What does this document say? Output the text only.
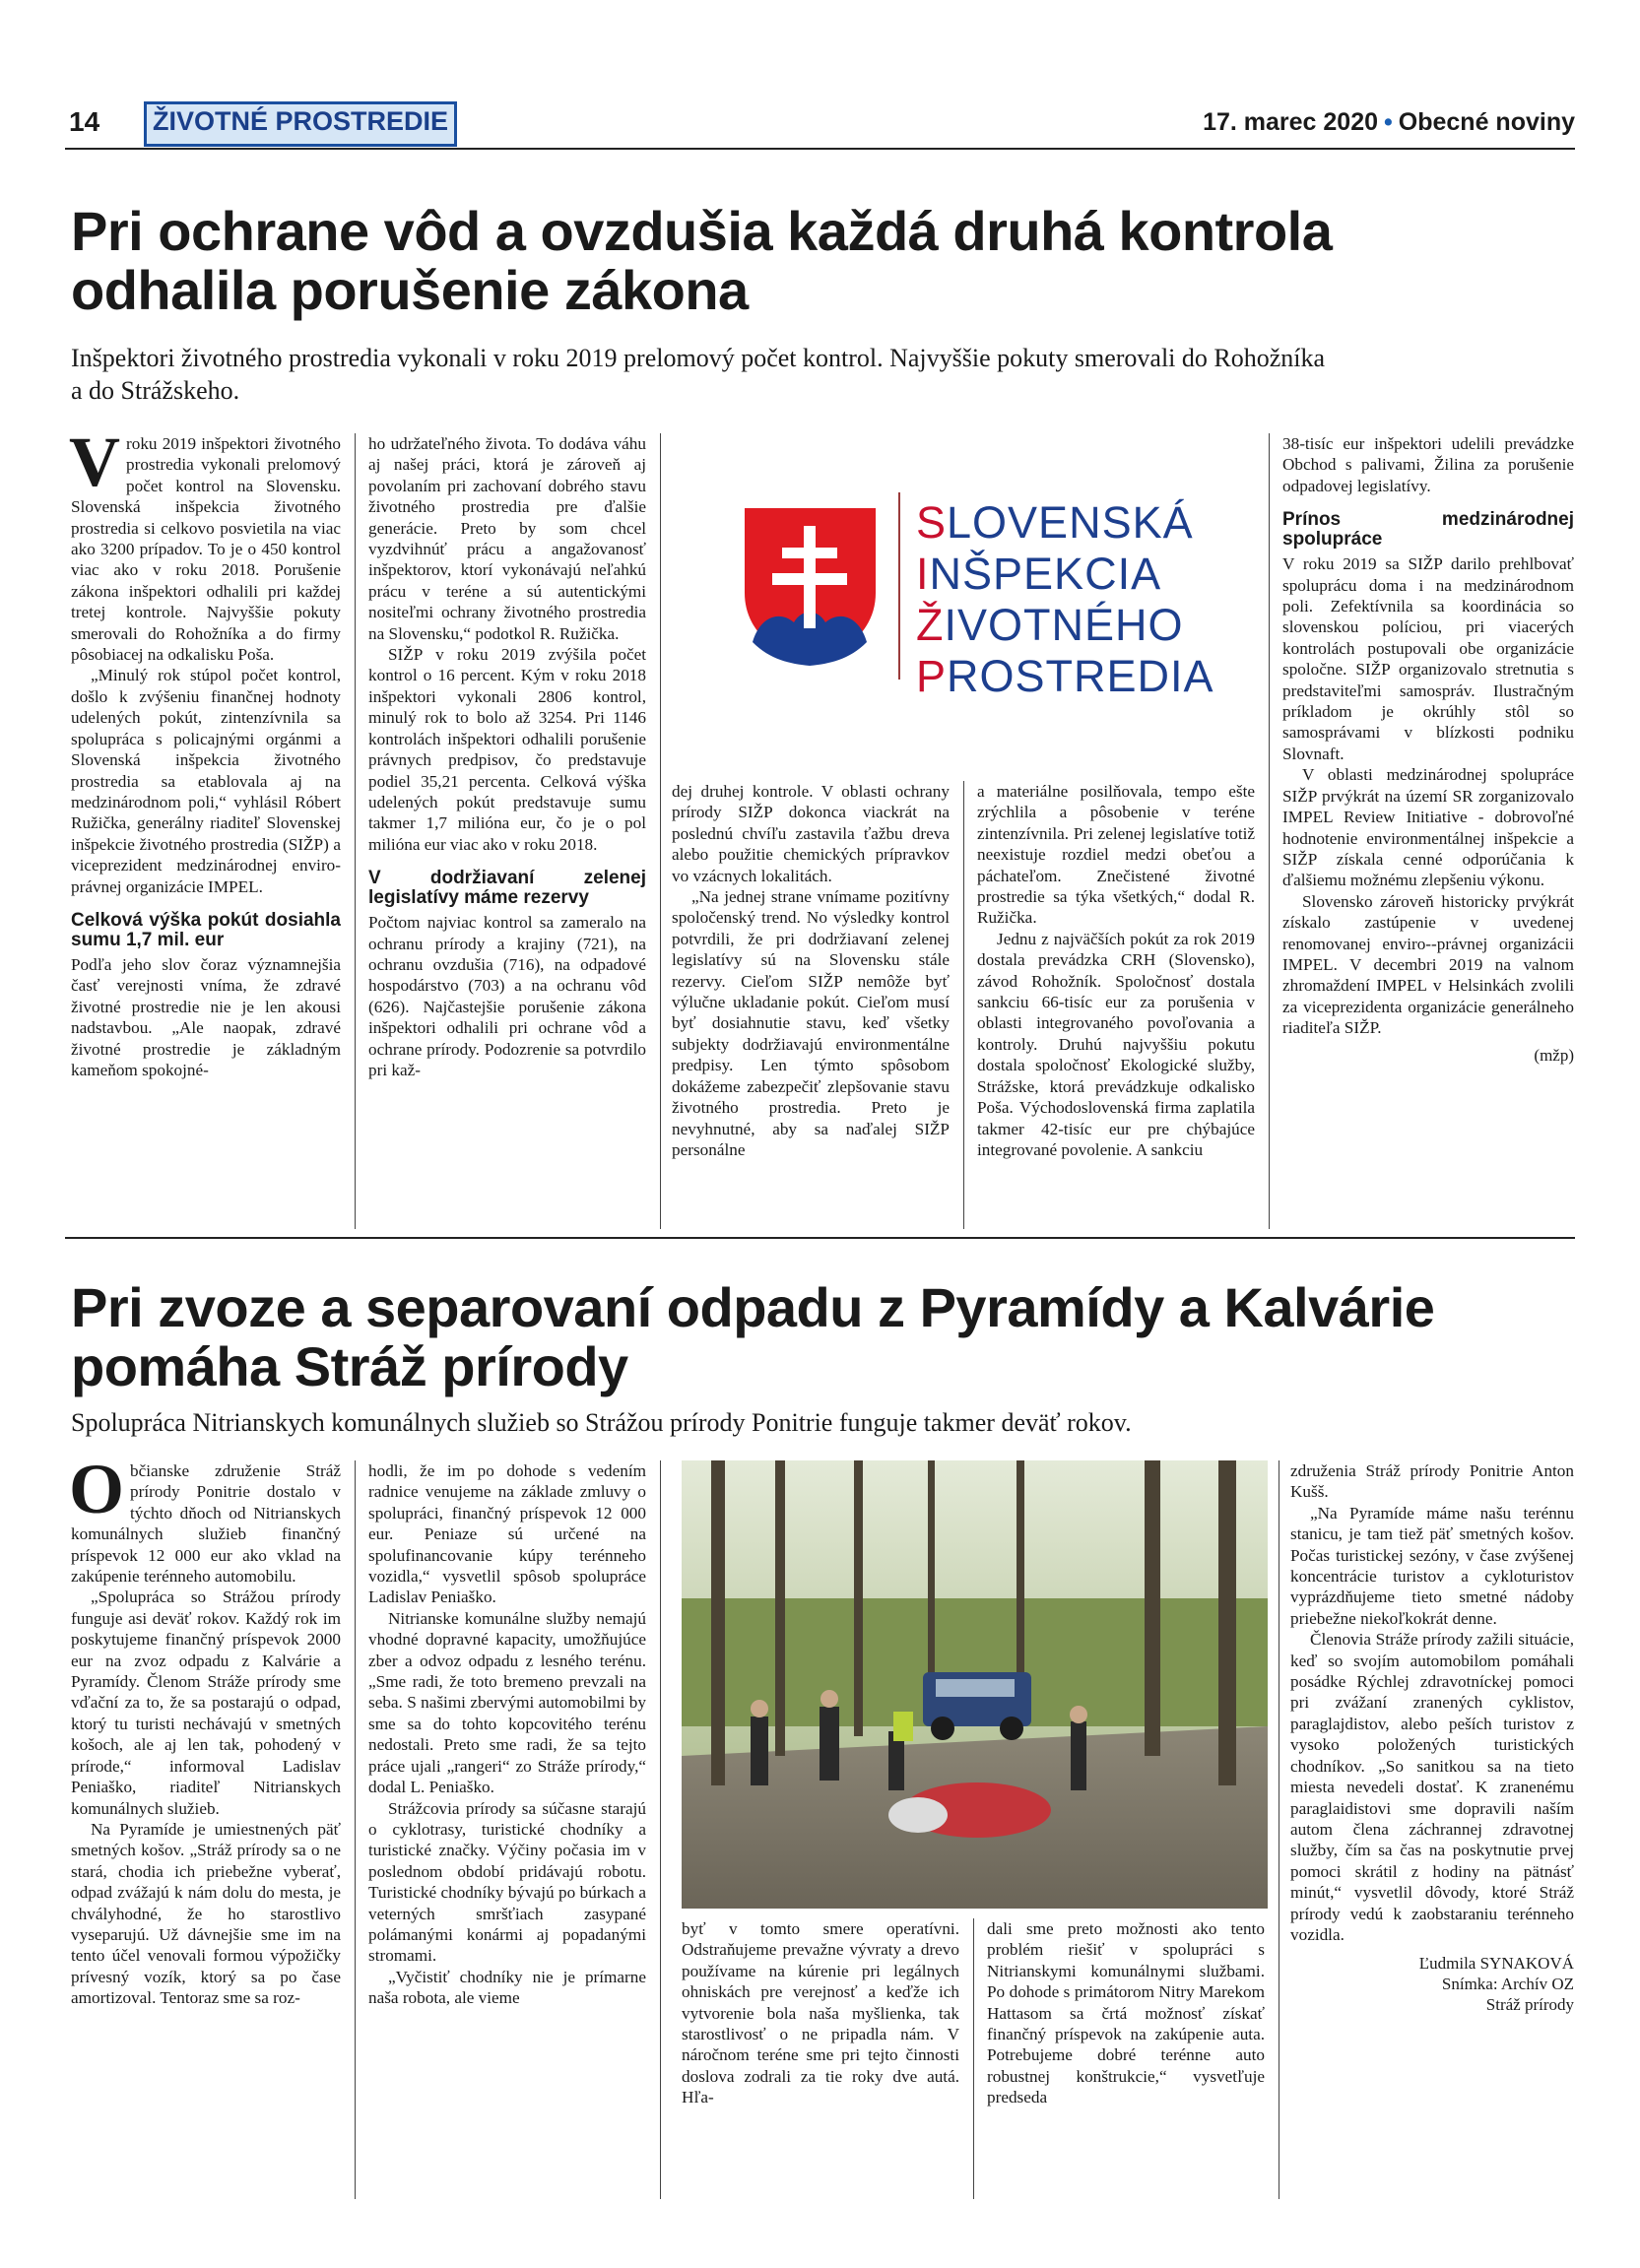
14	ŽIVOTNÉ PROSTREDIE	17. marec 2020 • Obecné noviny
Pri ochrane vôd a ovzdušia každá druhá kontrola
odhalila porušenie zákona
Inšpektori životného prostredia vykonali v roku 2019 prelomový počet kontrol. Najvyššie pokuty smerovali do Rohožníka
a do Strážskeho.

Vroku 2019 inšpektori životného prostredia vykonali prelomový počet kontrol na Slovensku. Slovenská inšpekcia životného prostredia si celkovo posvietila na viac ako 3200 prípadov. To je o 450 kontrol viac ako v roku 2018. Porušenie zákona inšpektori odhalili pri každej tretej kontrole. Najvyššie pokuty smerovali do Rohožníka a do firmy pôsobiacej na odkalisku Poša.

„Minulý rok stúpol počet kontrol, došlo k zvýšeniu finančnej hodnoty udelených pokút, zintenzívnila sa spolupráca s policajnými orgánmi a Slovenská inšpekcia životného prostredia sa etablovala aj na medzinárodnom poli,“ vyhlásil Róbert Ružička, generálny riaditeľ Slovenskej inšpekcie životného prostredia (SIŽP) a viceprezident medzinárodnej enviro-právnej organizácie IMPEL.

Celková výška pokút dosiahla sumu 1,7 mil. eur

Podľa jeho slov čoraz významnejšia časť verejnosti vníma, že zdravé životné prostredie nie je len akousi nadstavbou. „Ale naopak, zdravé životné prostredie je základným kameňom spokojné-

ho udržateľného života. To dodáva váhu aj našej práci, ktorá je zároveň aj povolaním pri zachovaní dobrého stavu životného prostredia pre ďalšie generácie. Preto by som chcel vyzdvihnúť prácu a angažovanosť inšpektorov, ktorí vykonávajú neľahkú prácu v teréne a sú autentickými nositeľmi ochrany životného prostredia na Slovensku,“ podotkol R. Ružička.

SIŽP v roku 2019 zvýšila počet kontrol o 16 percent. Kým v roku 2018 inšpektori vykonali 2806 kontrol, minulý rok to bolo až 3254. Pri 1146 kontrolách inšpektori odhalili porušenie právnych predpisov, čo predstavuje podiel 35,21 percenta. Celková výška udelených pokút predstavuje sumu takmer 1,7 milióna eur, čo je o pol milióna eur viac ako v roku 2018.

V dodržiavaní zelenej legislatívy máme rezervy

Počtom najviac kontrol sa zameralo na ochranu prírody a krajiny (721), na ochranu ovzdušia (716), na odpadové hospodárstvo (703) a na ochranu vôd (626). Najčastejšie porušenie zákona inšpektori odhalili pri ochrane vôd a ochrane prírody. Podozrenie sa potvrdilo pri kaž-

SLOVENSKÁ
INŠPEKCIA
ŽIVOTNÉHO
PROSTREDIA

dej druhej kontrole. V oblasti ochrany prírody SIŽP dokonca viackrát na poslednú chvíľu zastavila ťažbu dreva alebo použitie chemických prípravkov vo vzácnych lokalitách.

„Na jednej strane vnímame pozitívny spoločenský trend. No výsledky kontrol potvrdili, že pri dodržiavaní zelenej legislatívy sú na Slovensku stále rezervy. Cieľom SIŽP nemôže byť výlučne ukladanie pokút. Cieľom musí byť dosiahnutie stavu, keď všetky subjekty dodržiavajú environmentálne predpisy. Len týmto spôsobom dokážeme zabezpečiť zlepšovanie stavu životného prostredia. Preto je nevyhnutné, aby sa naďalej SIŽP personálne

a materiálne posilňovala, tempo ešte zrýchlila a pôsobenie v teréne zintenzívnila. Pri zelenej legislatíve totiž neexistuje rozdiel medzi obeťou a páchateľom. Znečistené životné prostredie sa týka všetkých,“ dodal R. Ružička.

Jednu z najväčších pokút za rok 2019 dostala prevádzka CRH (Slovensko), závod Rohožník. Spoločnosť dostala sankciu 66-tisíc eur za porušenia v oblasti integrovaného povoľovania a kontroly. Druhú najvyššiu pokutu dostala spoločnosť Ekologické služby, Strážske, ktorá prevádzkuje odkalisko Poša. Východoslovenská firma zaplatila takmer 42-tisíc eur pre chýbajúce integrované povolenie. A sankciu

38-tisíc eur inšpektori udelili prevádzke Obchod s palivami, Žilina za porušenie odpadovej legislatívy.

Prínos medzinárodnej spolupráce

V roku 2019 sa SIŽP darilo prehlbovať spoluprácu doma i na medzinárodnom poli. Zefektívnila sa koordinácia so slovenskou políciou, pri viacerých kontrolách postupovali obe organizácie spoločne. SIŽP organizovalo stretnutia s predstaviteľmi samospráv. Ilustračným príkladom je okrúhly stôl so samosprávami v blízkosti podniku Slovnaft.

V oblasti medzinárodnej spolupráce SIŽP prvýkrát na území SR zorganizovalo IMPEL Review Initiative - dobrovoľné hodnotenie environmentálnej inšpekcie a SIŽP získala cenné odporúčania k ďalšiemu možnému zlepšeniu výkonu.

Slovensko zároveň historicky prvýkrát získalo zastúpenie v uvedenej renomovanej enviro--právnej organizácii IMPEL. V decembri 2019 na valnom zhromaždení IMPEL v Helsinkách zvolili za viceprezidenta organizácie generálneho riaditeľa SIŽP.

(mžp)
Pri zvoze a separovaní odpadu z Pyramídy a Kalvárie
pomáha Stráž prírody
Spolupráca Nitrianskych komunálnych služieb so Strážou prírody Ponitrie funguje takmer deväť rokov.

Občianske združenie Stráž prírody Ponitrie dostalo v týchto dňoch od Nitrianskych komunálnych služieb finančný príspevok 12 000 eur ako vklad na zakúpenie terénneho automobilu.

„Spolupráca so Strážou prírody funguje asi deväť rokov. Každý rok im poskytujeme finančný príspevok 2000 eur na zvoz odpadu z Kalvárie a Pyramídy. Členom Stráže prírody sme vďační za to, že sa postarajú o odpad, ktorý tu turisti nechávajú v smetných košoch, ale aj len tak, pohodený v prírode,“ informoval Ladislav Peniaško, riaditeľ Nitrianskych komunálnych služieb.

Na Pyramíde je umiestnených päť smetných košov. „Stráž prírody sa o ne stará, chodia ich priebežne vyberať, odpad zvážajú k nám dolu do mesta, je chvályhodné, že ho starostlivo vyseparujú. Už dávnejšie sme im na tento účel venovali formou výpožičky prívesný vozík, ktorý sa po čase amortizoval. Tentoraz sme sa roz-

hodli, že im po dohode s vedením radnice venujeme na základe zmluvy o spolupráci, finančný príspevok 12 000 eur. Peniaze sú určené na spolufinancovanie kúpy terénneho vozidla,“ vysvetlil spôsob spolupráce Ladislav Peniaško.

Nitrianske komunálne služby nemajú vhodné dopravné kapacity, umožňujúce zber a odvoz odpadu z lesného terénu. „Sme radi, že toto bremeno prevzali na seba. S našimi zbervými automobilmi by sme sa do tohto kopcovitého terénu nedostali. Preto sme radi, že sa tejto práce ujali „rangeri“ zo Stráže prírody,“ dodal L. Peniaško.

Strážcovia prírody sa súčasne starajú o cyklotrasy, turistické chodníky a turistické značky. Výčiny počasia im v poslednom období pridávajú robotu. Turistické chodníky bývajú po búrkach a veterných smršťiach zasypané polámanými konármi aj popadanými stromami.

„Vyčistiť chodníky nie je prímarne naša robota, ale vieme

byť v tomto smere operatívni. Odstraňujeme prevažne vývraty a drevo používame na kúrenie pri legálnych ohniskách pre verejnosť a keďže ich vytvorenie bola naša myšlienka, tak starostlivosť o ne pripadla nám. V náročnom teréne sme pri tejto činnosti doslova zodrali za tie roky dve autá. Hľa-

dali sme preto možnosti ako tento problém riešiť v spolupráci s Nitrianskymi komunálnymi službami. Po dohode s primátorom Nitry Marekom Hattasom sa črtá možnosť získať finančný príspevok na zakúpenie auta. Potrebujeme dobré terénne auto robustnej konštrukcie,“ vysvetľuje predseda

združenia Stráž prírody Ponitrie Anton Kušš.

„Na Pyramíde máme našu terénnu stanicu, je tam tiež päť smetných košov. Počas turistickej sezóny, v čase zvýšenej koncentrácie turistov a cykloturistov vyprázdňujeme tieto smetné nádoby priebežne niekoľkokrát denne.

Členovia Stráže prírody zažili situácie, keď so svojím automobilom pomáhali posádke Rýchlej zdravotníckej pomoci pri zvážaní zranených cyklistov, paraglajdistov, alebo peších turistov z vysoko položených turistických chodníkov. „So sanitkou sa na tieto miesta nevedeli dostať. K zranenému paraglaidistovi sme dopravili naším autom člena záchrannej zdravotnej služby, čím sa čas na poskytnutie prvej pomoci skrátil z hodiny na pätnásť minút,“ vysvetlil dôvody, ktoré Stráž prírody vedú k zaobstaraniu terénneho vozidla.

Ľudmila SYNAKOVÁ
Snímka: Archív OZ
Stráž prírody
